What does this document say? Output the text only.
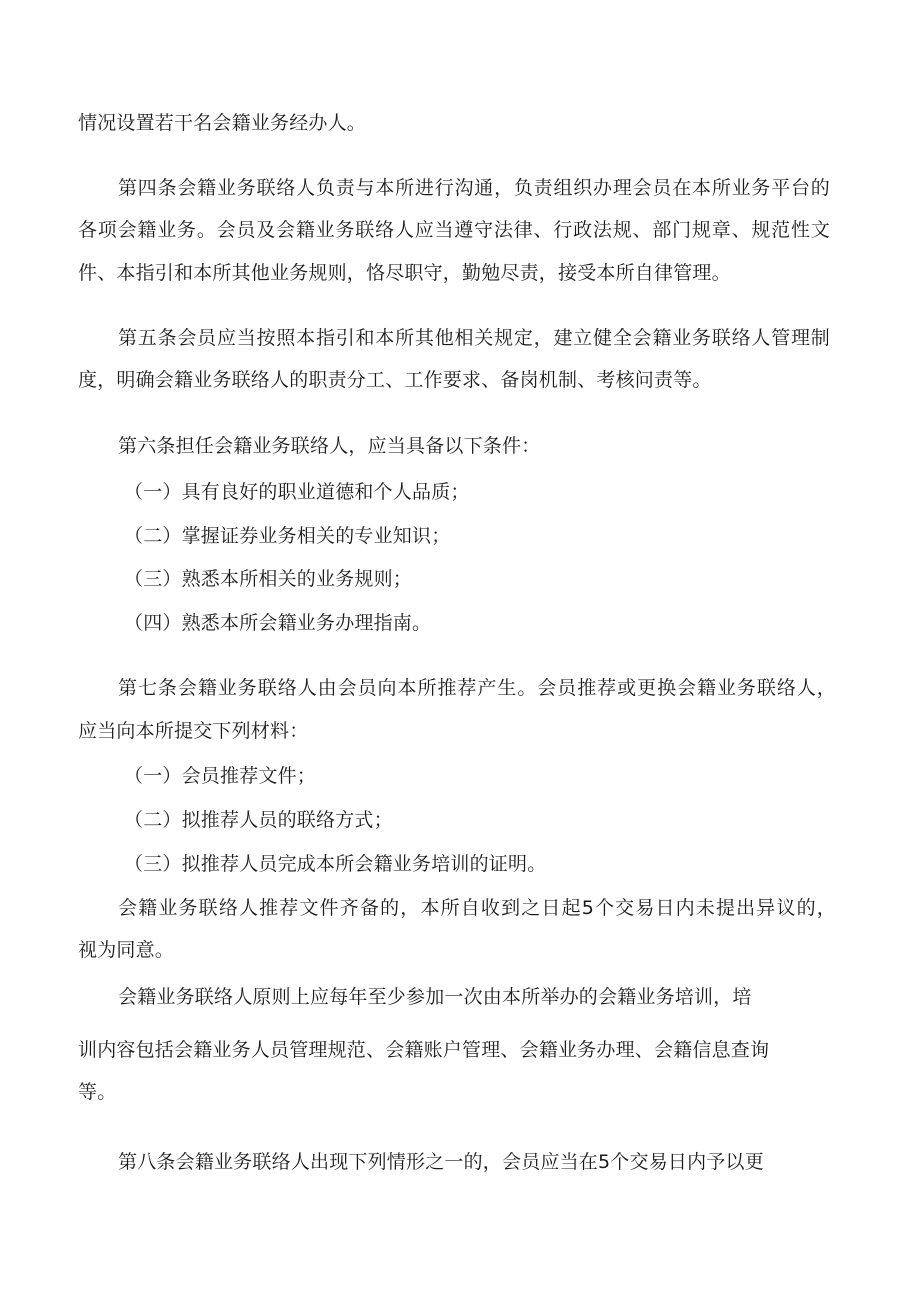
情况设置若干名会籍业务经办人。
第四条会籍业务联络人负责与本所进行沟通，负责组织办理会员在本所业务平台的
各项会籍业务。会员及会籍业务联络人应当遵守法律、行政法规、部门规章、规范性文
件、本指引和本所其他业务规则，恪尽职守，勤勉尽责，接受本所自律管理。
第五条会员应当按照本指引和本所其他相关规定，建立健全会籍业务联络人管理制
度，明确会籍业务联络人的职责分工、工作要求、备岗机制、考核问责等。
第六条担任会籍业务联络人，应当具备以下条件：
（一）具有良好的职业道德和个人品质；
（二）掌握证券业务相关的专业知识；
（三）熟悉本所相关的业务规则；
（四）熟悉本所会籍业务办理指南。
第七条会籍业务联络人由会员向本所推荐产生。会员推荐或更换会籍业务联络人，
应当向本所提交下列材料：
（一）会员推荐文件；
（二）拟推荐人员的联络方式；
（三）拟推荐人员完成本所会籍业务培训的证明。
会籍业务联络人推荐文件齐备的，本所自收到之日起5个交易日内未提出异议的，
视为同意。
会籍业务联络人原则上应每年至少参加一次由本所举办的会籍业务培训，培
训内容包括会籍业务人员管理规范、会籍账户管理、会籍业务办理、会籍信息查询
等。
第八条会籍业务联络人出现下列情形之一的，会员应当在5个交易日内予以更
